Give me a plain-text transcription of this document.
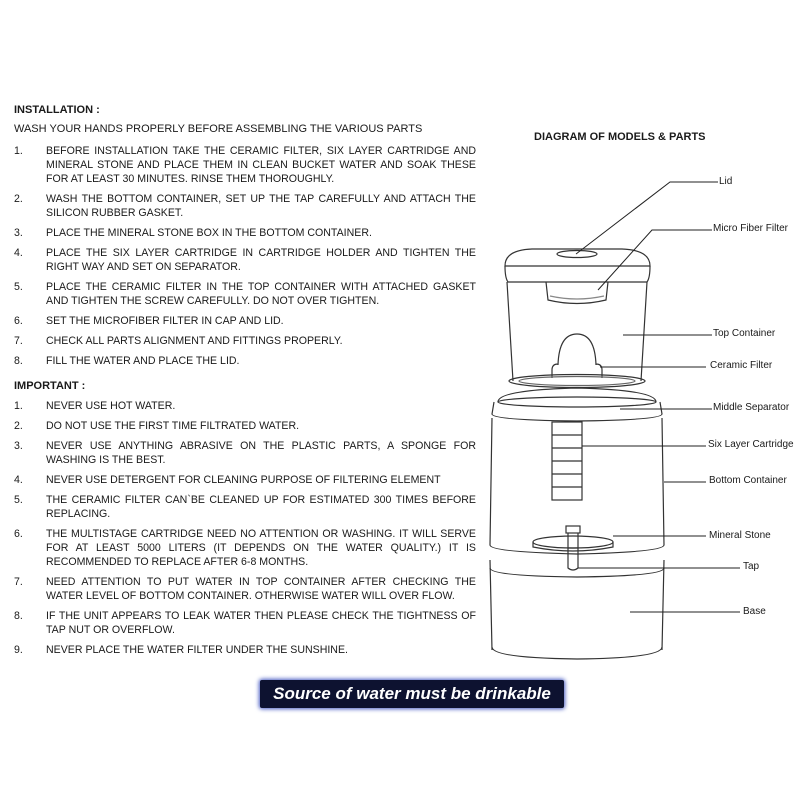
INSTALLATION :

WASH YOUR HANDS PROPERLY BEFORE ASSEMBLING THE VARIOUS PARTS

1. BEFORE INSTALLATION TAKE THE CERAMIC FILTER, SIX LAYER CARTRIDGE AND MINERAL STONE AND PLACE THEM IN CLEAN BUCKET WATER AND SOAK THESE FOR AT LEAST 30 MINUTES. RINSE THEM THOROUGHLY.
2. WASH THE BOTTOM CONTAINER, SET UP THE TAP CAREFULLY AND ATTACH THE SILICON RUBBER GASKET.
3. PLACE THE MINERAL STONE BOX IN THE BOTTOM CONTAINER.
4. PLACE THE SIX LAYER CARTRIDGE IN CARTRIDGE HOLDER AND TIGHTEN THE RIGHT WAY AND SET ON SEPARATOR.
5. PLACE THE CERAMIC FILTER IN THE TOP CONTAINER WITH ATTACHED GASKET AND TIGHTEN THE SCREW CAREFULLY. DO NOT OVER TIGHTEN.
6. SET THE MICROFIBER FILTER IN CAP AND LID.
7. CHECK ALL PARTS ALIGNMENT AND FITTINGS PROPERLY.
8. FILL THE WATER AND PLACE THE LID.

IMPORTANT :

1. NEVER USE HOT WATER.
2. DO NOT USE THE FIRST TIME FILTRATED WATER.
3. NEVER USE ANYTHING ABRASIVE ON THE PLASTIC PARTS, A SPONGE FOR WASHING IS THE BEST.
4. NEVER USE DETERGENT FOR CLEANING PURPOSE OF FILTERING ELEMENT
5. THE CERAMIC FILTER CAN`BE CLEANED UP FOR ESTIMATED 300 TIMES BEFORE REPLACING.
6. THE MULTISTAGE CARTRIDGE NEED NO ATTENTION OR WASHING. IT WILL SERVE FOR AT LEAST 5000 LITERS (IT DEPENDS ON THE WATER QUALITY.) IT IS RECOMMENDED TO REPLACE AFTER 6-8 MONTHS.
7. NEED ATTENTION TO PUT WATER IN TOP CONTAINER AFTER CHECKING THE WATER LEVEL OF BOTTOM CONTAINER. OTHERWISE WATER WILL OVER FLOW.
8. IF THE UNIT APPEARS TO LEAK WATER THEN PLEASE CHECK THE TIGHTNESS OF TAP NUT OR OVERFLOW.
9. NEVER PLACE THE WATER FILTER UNDER THE SUNSHINE.
Source of water must be drinkable
DIAGRAM OF MODELS & PARTS
Lid
Micro Fiber Filter
Top Container
Ceramic Filter
Middle Separator
Six Layer Cartridge
Bottom Container
Mineral Stone
Tap
Base
